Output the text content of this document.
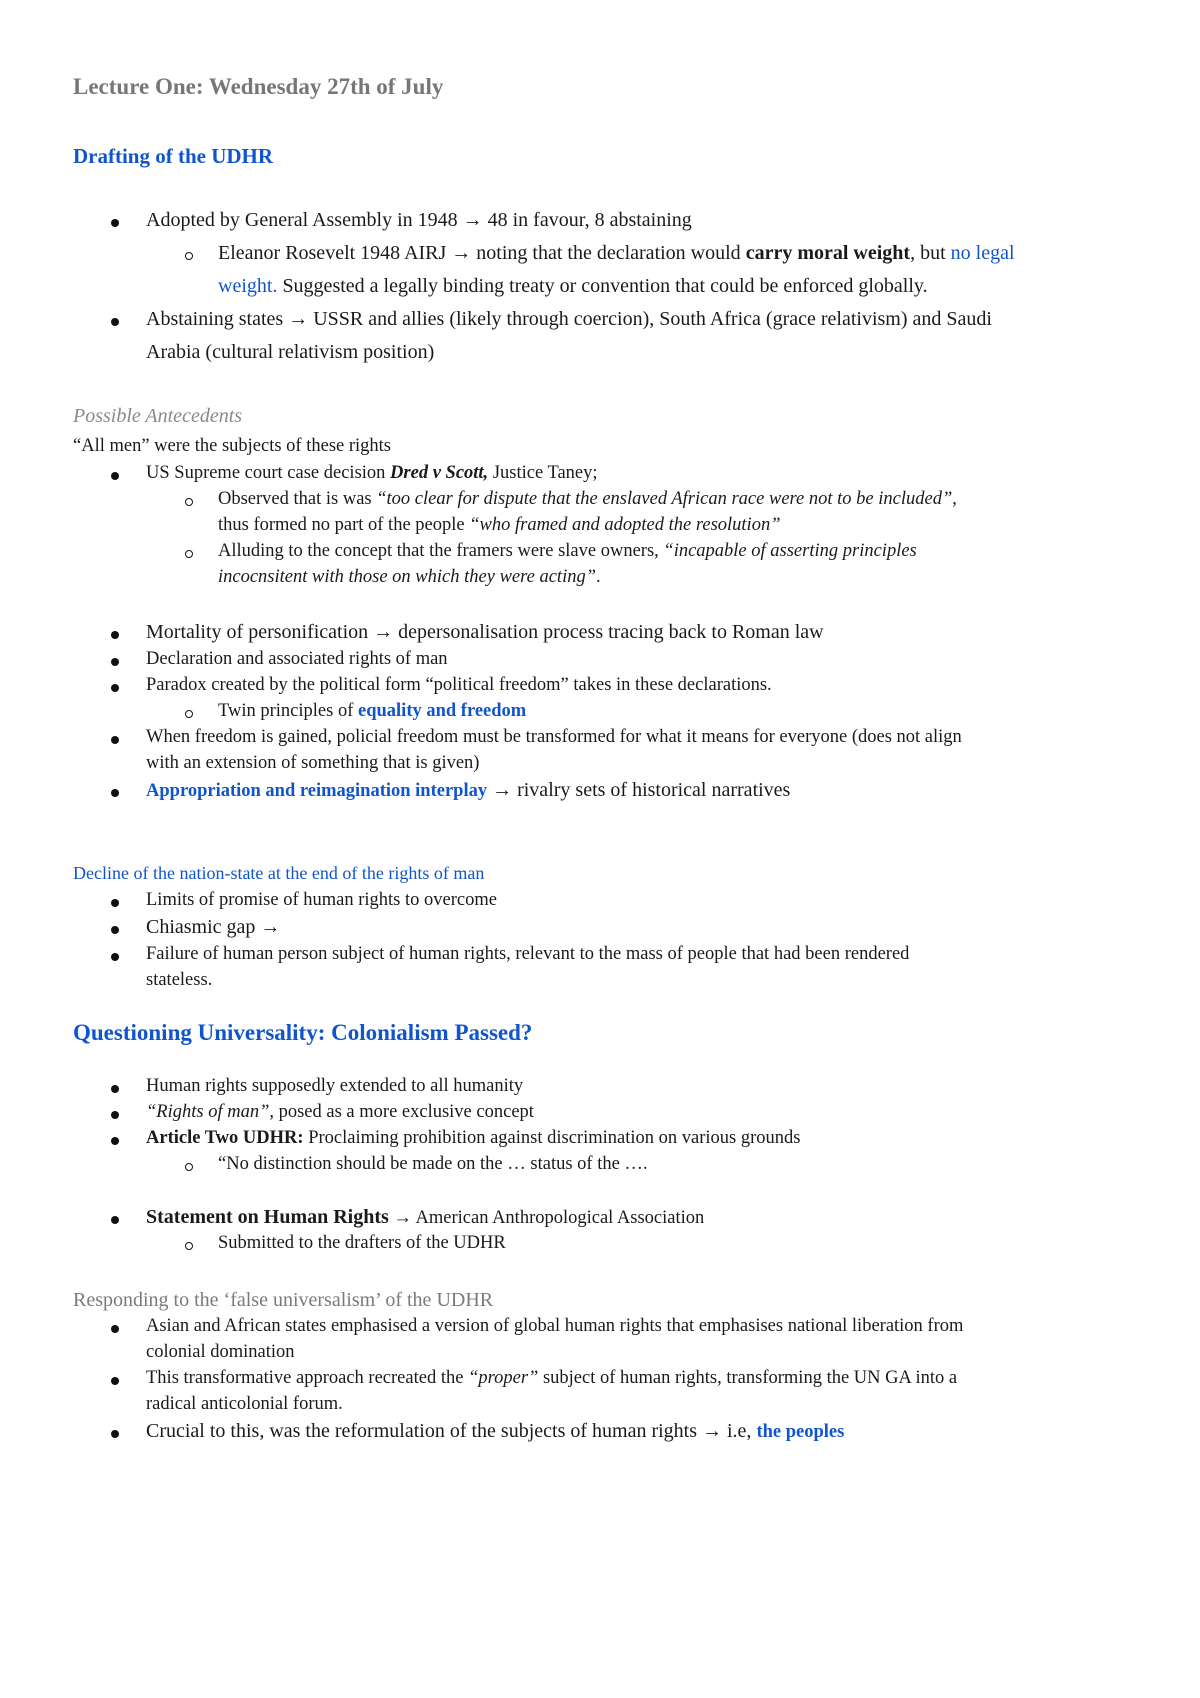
Lecture One: Wednesday 27th of July
Drafting of the UDHR
Adopted by General Assembly in 1948 → 48 in favour, 8 abstaining
Eleanor Rosevelt 1948 AIRJ → noting that the declaration would carry moral weight, but no legal
weight. Suggested a legally binding treaty or convention that could be enforced globally.
Abstaining states → USSR and allies (likely through coercion), South Africa (grace relativism) and Saudi
Arabia (cultural relativism position)
Possible Antecedents
“All men” were the subjects of these rights
US Supreme court case decision Dred v Scott, Justice Taney;
Observed that is was “too clear for dispute that the enslaved African race were not to be included”,
thus formed no part of the people “who framed and adopted the resolution”
Alluding to the concept that the framers were slave owners, “incapable of asserting principles
incocnsitent with those on which they were acting”.
Mortality of personification → depersonalisation process tracing back to Roman law
Declaration and associated rights of man
Paradox created by the political form “political freedom” takes in these declarations.
Twin principles of equality and freedom
When freedom is gained, policial freedom must be transformed for what it means for everyone (does not align
with an extension of something that is given)
Appropriation and reimagination interplay → rivalry sets of historical narratives
Decline of the nation-state at the end of the rights of man
Limits of promise of human rights to overcome
Chiasmic gap →
Failure of human person subject of human rights, relevant to the mass of people that had been rendered
stateless.
Questioning Universality: Colonialism Passed?
Human rights supposedly extended to all humanity
“Rights of man”, posed as a more exclusive concept
Article Two UDHR: Proclaiming prohibition against discrimination on various grounds
“No distinction should be made on the … status of the ….
Statement on Human Rights → American Anthropological Association
Submitted to the drafters of the UDHR
Responding to the ‘false universalism’ of the UDHR
Asian and African states emphasised a version of global human rights that emphasises national liberation from
colonial domination
This transformative approach recreated the “proper” subject of human rights, transforming the UN GA into a
radical anticolonial forum.
Crucial to this, was the reformulation of the subjects of human rights → i.e, the peoples
